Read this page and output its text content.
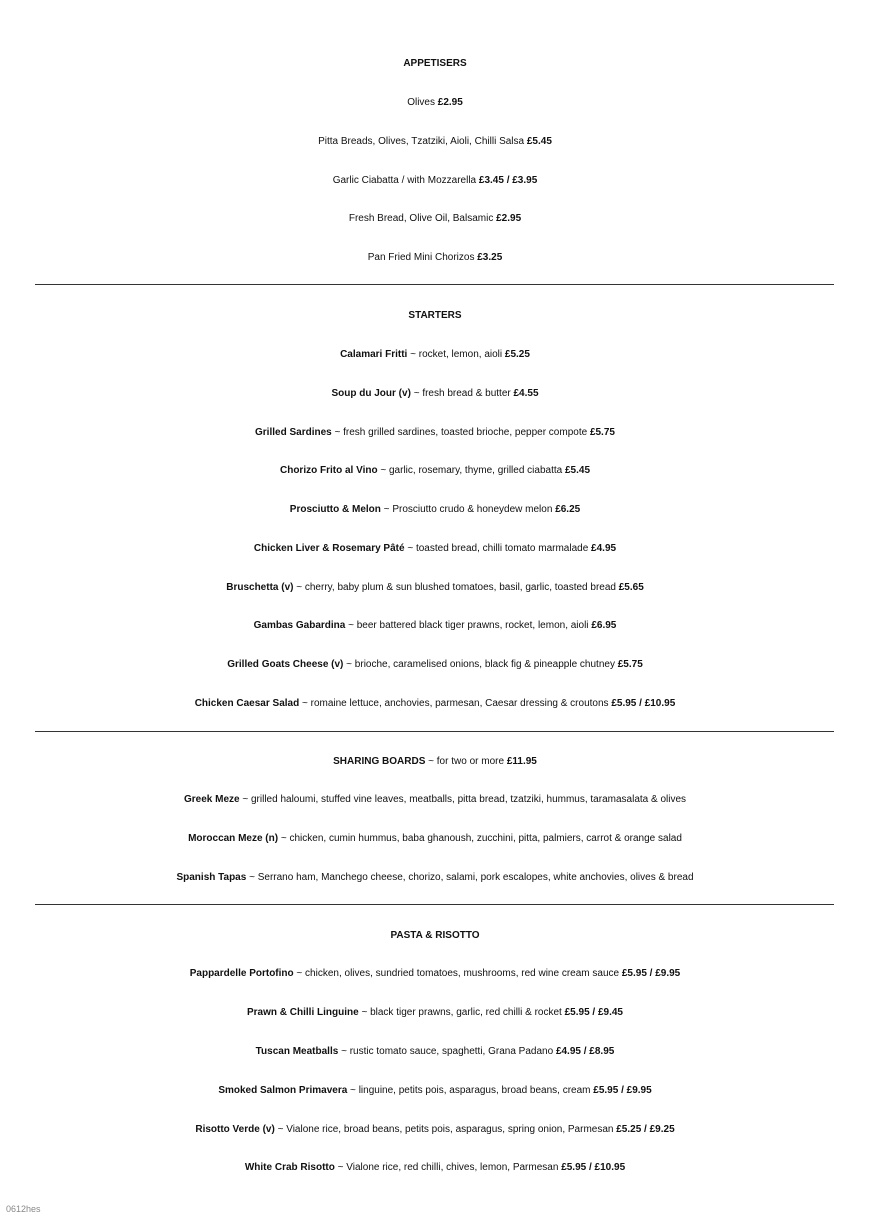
APPETISERS
Olives £2.95
Pitta Breads, Olives, Tzatziki, Aioli, Chilli Salsa £5.45
Garlic Ciabatta / with Mozzarella £3.45 / £3.95
Fresh Bread, Olive Oil, Balsamic £2.95
Pan Fried Mini Chorizos £3.25
STARTERS
Calamari Fritti ~ rocket, lemon, aioli £5.25
Soup du Jour (v) ~ fresh bread & butter £4.55
Grilled Sardines ~ fresh grilled sardines, toasted brioche, pepper compote £5.75
Chorizo Frito al Vino ~ garlic, rosemary, thyme, grilled ciabatta £5.45
Prosciutto & Melon ~ Prosciutto crudo & honeydew melon £6.25
Chicken Liver & Rosemary Pâté ~ toasted bread, chilli tomato marmalade £4.95
Bruschetta (v) ~ cherry, baby plum & sun blushed tomatoes, basil, garlic, toasted bread £5.65
Gambas Gabardina ~ beer battered black tiger prawns, rocket, lemon, aioli £6.95
Grilled Goats Cheese (v) ~ brioche, caramelised onions, black fig & pineapple chutney £5.75
Chicken Caesar Salad ~ romaine lettuce, anchovies, parmesan, Caesar dressing & croutons £5.95 / £10.95
SHARING BOARDS ~ for two or more £11.95
Greek Meze ~ grilled haloumi, stuffed vine leaves, meatballs, pitta bread, tzatziki, hummus, taramasalata & olives
Moroccan Meze (n) ~ chicken, cumin hummus, baba ghanoush, zucchini, pitta, palmiers, carrot & orange salad
Spanish Tapas ~ Serrano ham, Manchego cheese, chorizo, salami, pork escalopes, white anchovies, olives & bread
PASTA & RISOTTO
Pappardelle Portofino ~ chicken, olives, sundried tomatoes, mushrooms, red wine cream sauce £5.95 / £9.95
Prawn & Chilli Linguine ~ black tiger prawns, garlic, red chilli & rocket £5.95 / £9.45
Tuscan Meatballs ~ rustic tomato sauce, spaghetti, Grana Padano £4.95 / £8.95
Smoked Salmon Primavera ~ linguine, petits pois, asparagus, broad beans, cream £5.95 / £9.95
Risotto Verde (v) ~ Vialone rice, broad beans, petits pois, asparagus, spring onion, Parmesan £5.25 / £9.25
White Crab Risotto ~ Vialone rice, red chilli, chives, lemon, Parmesan £5.95 / £10.95
0612hes
